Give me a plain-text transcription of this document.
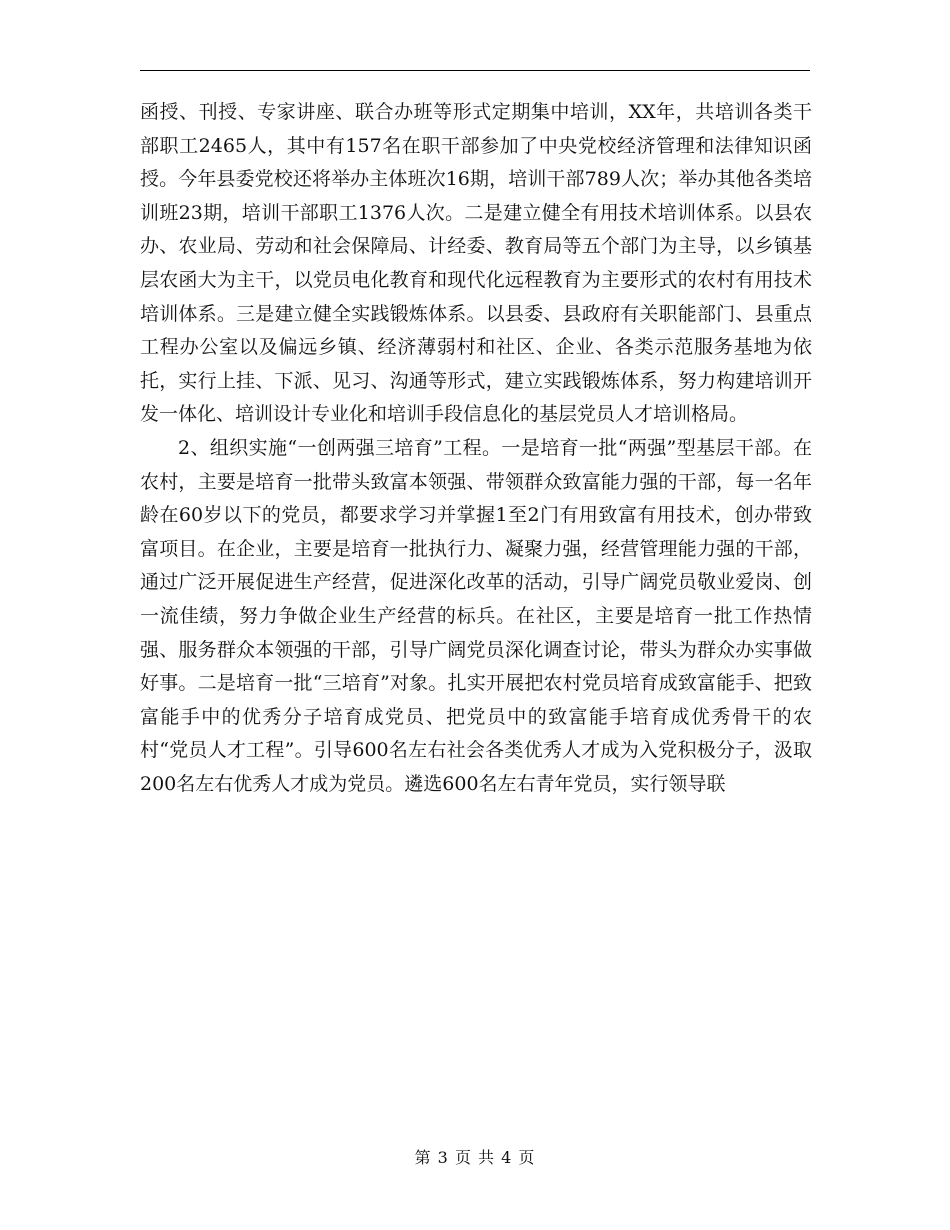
函授、刊授、专家讲座、联合办班等形式定期集中培训，XX年，共培训各类干部职工2465人，其中有157名在职干部参加了中央党校经济管理和法律知识函授。今年县委党校还将举办主体班次16期，培训干部789人次；举办其他各类培训班23期，培训干部职工1376人次。二是建立健全有用技术培训体系。以县农办、农业局、劳动和社会保障局、计经委、教育局等五个部门为主导，以乡镇基层农函大为主干，以党员电化教育和现代化远程教育为主要形式的农村有用技术培训体系。三是建立健全实践锻炼体系。以县委、县政府有关职能部门、县重点工程办公室以及偏远乡镇、经济薄弱村和社区、企业、各类示范服务基地为依托，实行上挂、下派、见习、沟通等形式，建立实践锻炼体系，努力构建培训开发一体化、培训设计专业化和培训手段信息化的基层党员人才培训格局。

2、组织实施“一创两强三培育”工程。一是培育一批“两强”型基层干部。在农村，主要是培育一批带头致富本领强、带领群众致富能力强的干部，每一名年龄在60岁以下的党员，都要求学习并掌握1至2门有用致富有用技术，创办带致富项目。在企业，主要是培育一批执行力、凝聚力强，经营管理能力强的干部，通过广泛开展促进生产经营，促进深化改革的活动，引导广阔党员敬业爱岗、创一流佳绩，努力争做企业生产经营的标兵。在社区，主要是培育一批工作热情强、服务群众本领强的干部，引导广阔党员深化调查讨论，带头为群众办实事做好事。二是培育一批“三培育”对象。扎实开展把农村党员培育成致富能手、把致富能手中的优秀分子培育成党员、把党员中的致富能手培育成优秀骨干的农村“党员人才工程”。引导600名左右社会各类优秀人才成为入党积极分子，汲取200名左右优秀人才成为党员。遴选600名左右青年党员，实行领导联

第 3 页 共 4 页
